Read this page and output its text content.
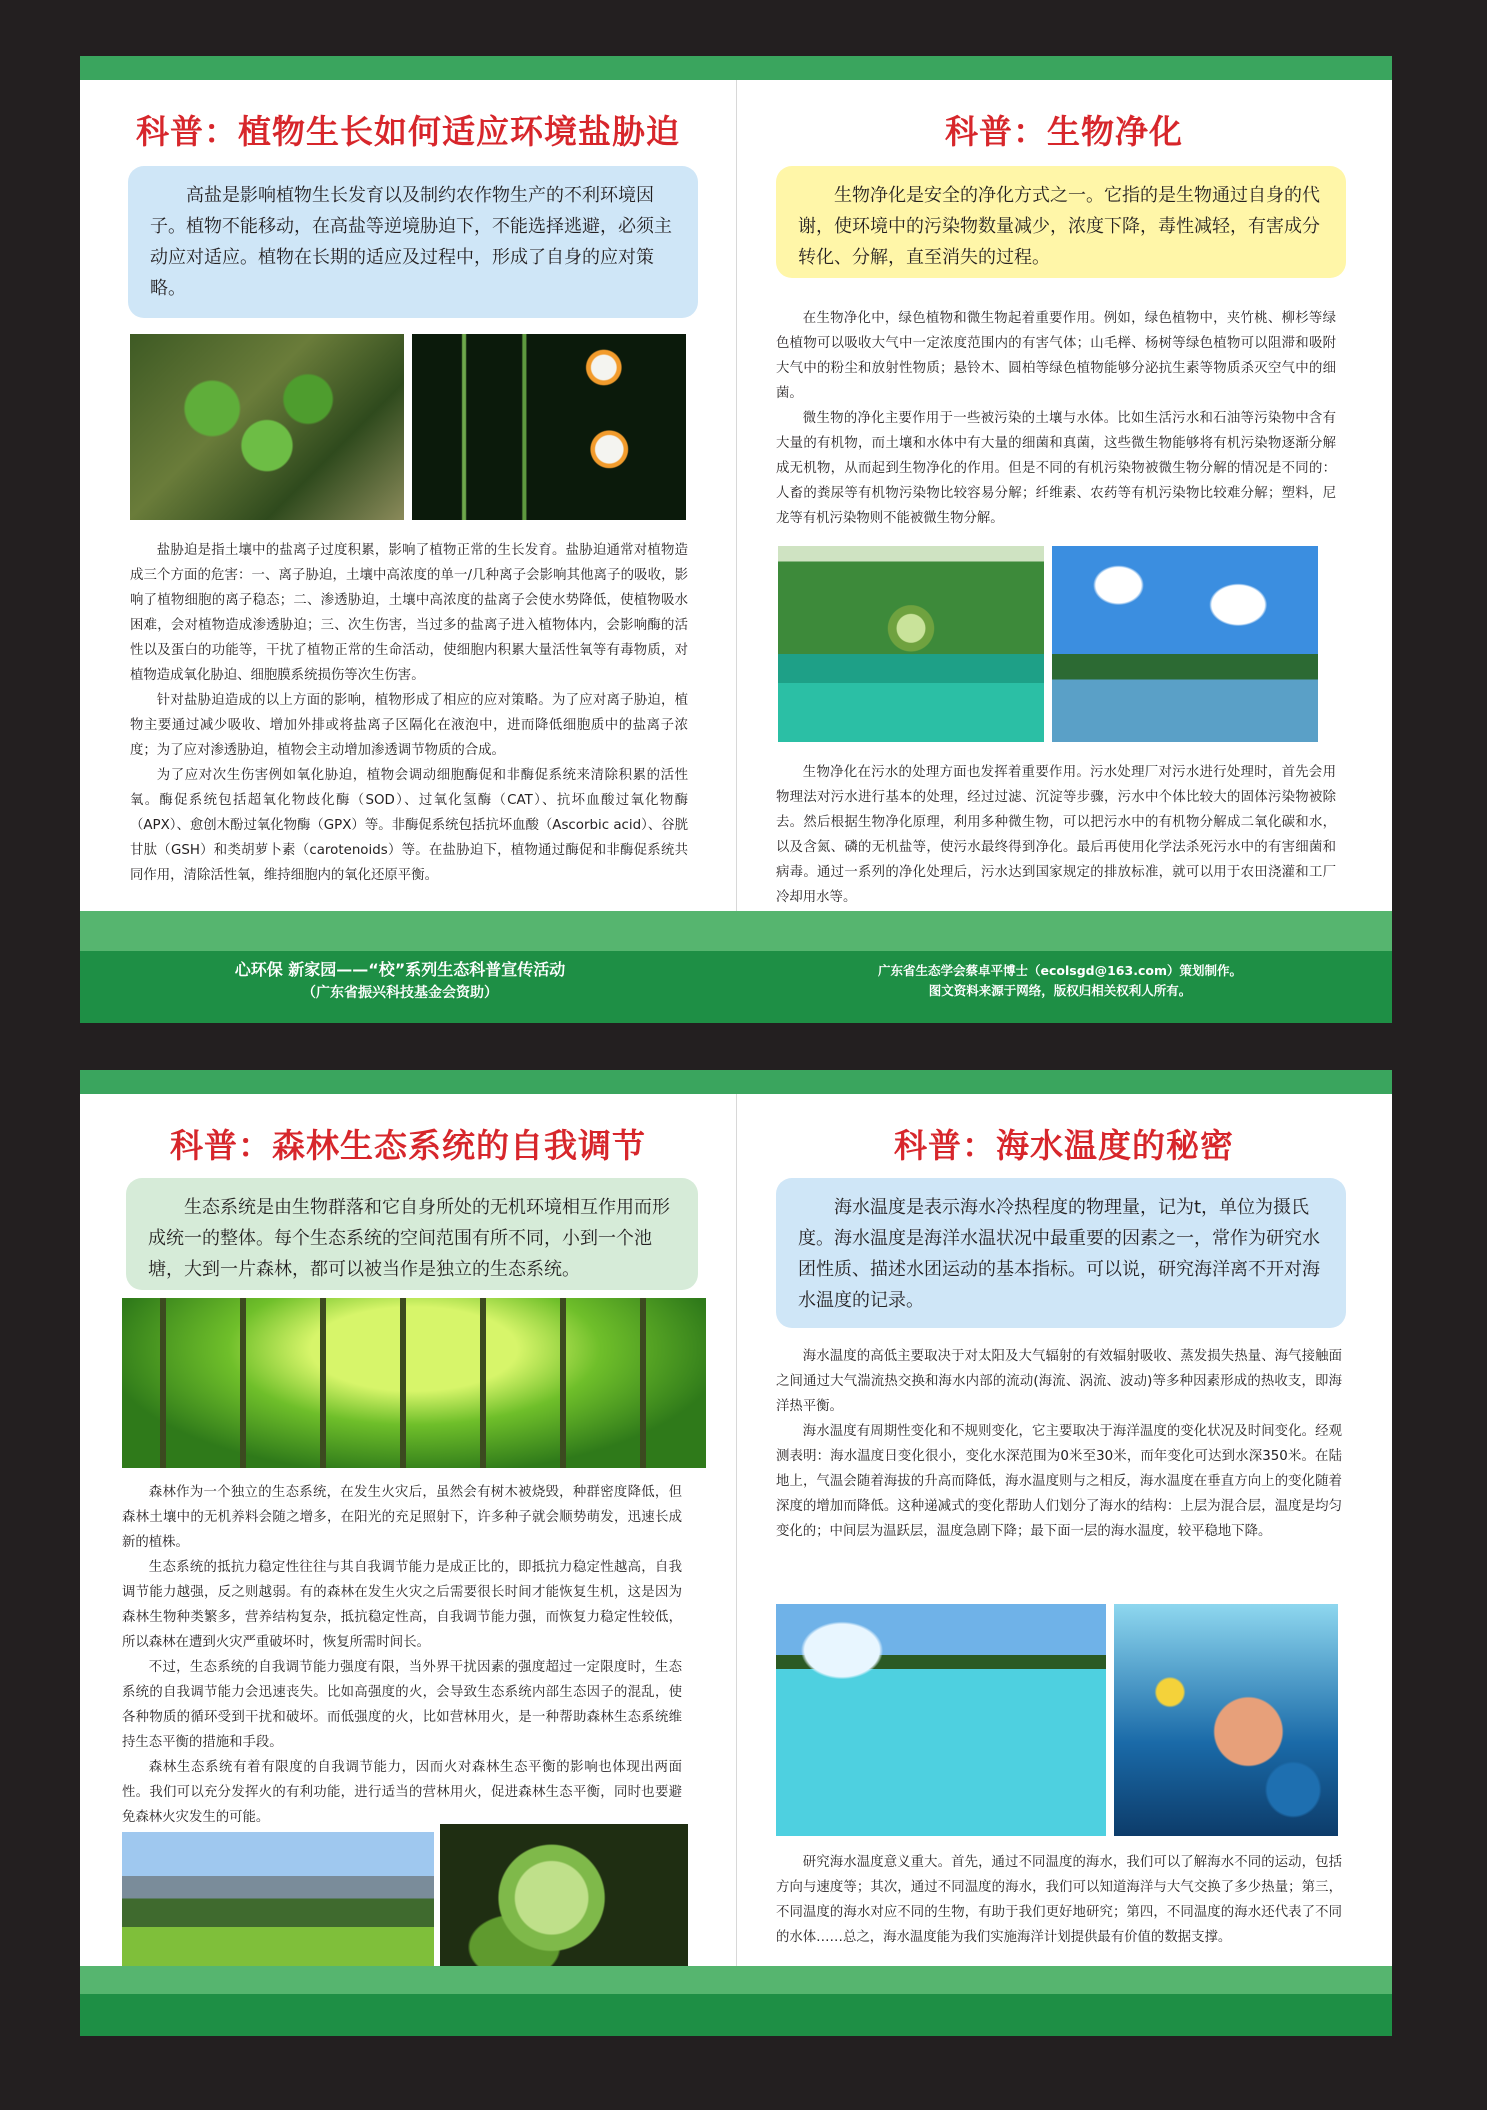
科普：植物生长如何适应环境盐胁迫
高盐是影响植物生长发育以及制约农作物生产的不利环境因子。植物不能移动，在高盐等逆境胁迫下，不能选择逃避，必须主动应对适应。植物在长期的适应及过程中，形成了自身的应对策略。

盐胁迫是指土壤中的盐离子过度积累，影响了植物正常的生长发育。盐胁迫通常对植物造成三个方面的危害：一、离子胁迫，土壤中高浓度的单一/几种离子会影响其他离子的吸收，影响了植物细胞的离子稳态；二、渗透胁迫，土壤中高浓度的盐离子会使水势降低，使植物吸水困难，会对植物造成渗透胁迫；三、次生伤害，当过多的盐离子进入植物体内，会影响酶的活性以及蛋白的功能等，干扰了植物正常的生命活动，使细胞内积累大量活性氧等有毒物质，对植物造成氧化胁迫、细胞膜系统损伤等次生伤害。

针对盐胁迫造成的以上方面的影响，植物形成了相应的应对策略。为了应对离子胁迫，植物主要通过减少吸收、增加外排或将盐离子区隔化在液泡中，进而降低细胞质中的盐离子浓度；为了应对渗透胁迫，植物会主动增加渗透调节物质的合成。

为了应对次生伤害例如氧化胁迫，植物会调动细胞酶促和非酶促系统来清除积累的活性氧。酶促系统包括超氧化物歧化酶（SOD）、过氧化氢酶（CAT）、抗坏血酸过氧化物酶（APX）、愈创木酚过氧化物酶（GPX）等。非酶促系统包括抗坏血酸（Ascorbic acid）、谷胱甘肽（GSH）和类胡萝卜素（carotenoids）等。在盐胁迫下，植物通过酶促和非酶促系统共同作用，清除活性氧，维持细胞内的氧化还原平衡。

科普：生物净化
生物净化是安全的净化方式之一。它指的是生物通过自身的代谢，使环境中的污染物数量减少，浓度下降，毒性减轻，有害成分转化、分解，直至消失的过程。

在生物净化中，绿色植物和微生物起着重要作用。例如，绿色植物中，夹竹桃、柳杉等绿色植物可以吸收大气中一定浓度范围内的有害气体；山毛榉、杨树等绿色植物可以阻滞和吸附大气中的粉尘和放射性物质；悬铃木、圆柏等绿色植物能够分泌抗生素等物质杀灭空气中的细菌。

微生物的净化主要作用于一些被污染的土壤与水体。比如生活污水和石油等污染物中含有大量的有机物，而土壤和水体中有大量的细菌和真菌，这些微生物能够将有机污染物逐渐分解成无机物，从而起到生物净化的作用。但是不同的有机污染物被微生物分解的情况是不同的：人畜的粪尿等有机物污染物比较容易分解；纤维素、农药等有机污染物比较难分解；塑料，尼龙等有机污染物则不能被微生物分解。

生物净化在污水的处理方面也发挥着重要作用。污水处理厂对污水进行处理时，首先会用物理法对污水进行基本的处理，经过过滤、沉淀等步骤，污水中个体比较大的固体污染物被除去。然后根据生物净化原理，利用多种微生物，可以把污水中的有机物分解成二氧化碳和水，以及含氮、磷的无机盐等，使污水最终得到净化。最后再使用化学法杀死污水中的有害细菌和病毒。通过一系列的净化处理后，污水达到国家规定的排放标准，就可以用于农田浇灌和工厂冷却用水等。

心环保 新家园——“校”系列生态科普宣传活动
（广东省振兴科技基金会资助）
广东省生态学会蔡卓平博士（ecolsgd@163.com）策划制作。
图文资料来源于网络，版权归相关权利人所有。
科普：森林生态系统的自我调节
生态系统是由生物群落和它自身所处的无机环境相互作用而形成统一的整体。每个生态系统的空间范围有所不同，小到一个池塘，大到一片森林，都可以被当作是独立的生态系统。

森林作为一个独立的生态系统，在发生火灾后，虽然会有树木被烧毁，种群密度降低，但森林土壤中的无机养料会随之增多，在阳光的充足照射下，许多种子就会顺势萌发，迅速长成新的植株。

生态系统的抵抗力稳定性往往与其自我调节能力是成正比的，即抵抗力稳定性越高，自我调节能力越强，反之则越弱。有的森林在发生火灾之后需要很长时间才能恢复生机，这是因为森林生物种类繁多，营养结构复杂，抵抗稳定性高，自我调节能力强，而恢复力稳定性较低，所以森林在遭到火灾严重破坏时，恢复所需时间长。

不过，生态系统的自我调节能力强度有限，当外界干扰因素的强度超过一定限度时，生态系统的自我调节能力会迅速丧失。比如高强度的火，会导致生态系统内部生态因子的混乱，使各种物质的循环受到干扰和破坏。而低强度的火，比如营林用火，是一种帮助森林生态系统维持生态平衡的措施和手段。

森林生态系统有着有限度的自我调节能力，因而火对森林生态平衡的影响也体现出两面性。我们可以充分发挥火的有利功能，进行适当的营林用火，促进森林生态平衡，同时也要避免森林火灾发生的可能。

科普：海水温度的秘密
海水温度是表示海水冷热程度的物理量，记为t，单位为摄氏度。海水温度是海洋水温状况中最重要的因素之一，常作为研究水团性质、描述水团运动的基本指标。可以说，研究海洋离不开对海水温度的记录。

海水温度的高低主要取决于对太阳及大气辐射的有效辐射吸收、蒸发损失热量、海气接触面之间通过大气湍流热交换和海水内部的流动(海流、涡流、波动)等多种因素形成的热收支，即海洋热平衡。

海水温度有周期性变化和不规则变化，它主要取决于海洋温度的变化状况及时间变化。经观测表明：海水温度日变化很小，变化水深范围为0米至30米，而年变化可达到水深350米。在陆地上，气温会随着海拔的升高而降低，海水温度则与之相反，海水温度在垂直方向上的变化随着深度的增加而降低。这种递减式的变化帮助人们划分了海水的结构：上层为混合层，温度是均匀变化的；中间层为温跃层，温度急剧下降；最下面一层的海水温度，较平稳地下降。

研究海水温度意义重大。首先，通过不同温度的海水，我们可以了解海水不同的运动，包括方向与速度等；其次，通过不同温度的海水，我们可以知道海洋与大气交换了多少热量；第三，不同温度的海水对应不同的生物，有助于我们更好地研究；第四，不同温度的海水还代表了不同的水体……总之，海水温度能为我们实施海洋计划提供最有价值的数据支撑。
